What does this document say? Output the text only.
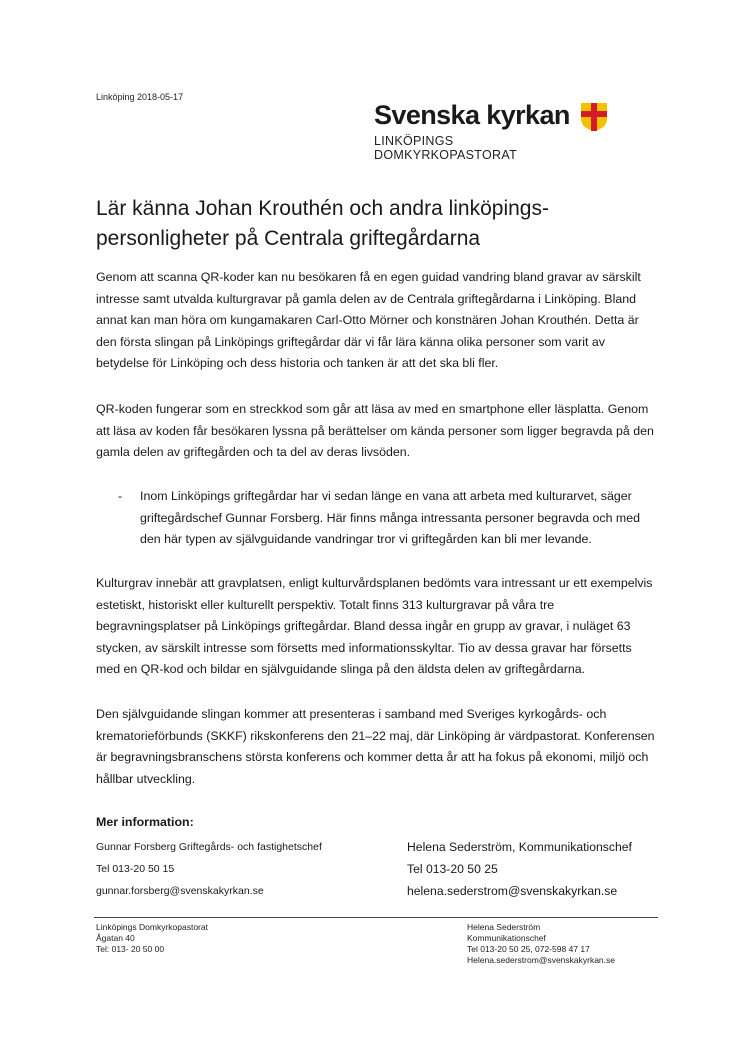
Linköping 2018-05-17
Svenska kyrkan
LINKÖPINGS
DOMKYRKOPASTORAT
Lär känna Johan Krouthén och andra linköpings-personligheter på Centrala griftegårdarna
Genom att scanna QR-koder kan nu besökaren få en egen guidad vandring bland gravar av särskilt intresse samt utvalda kulturgravar på gamla delen av de Centrala griftegårdarna i Linköping. Bland annat kan man höra om kungamakaren Carl-Otto Mörner och konstnären Johan Krouthén. Detta är den första slingan på Linköpings griftegårdar där vi får lära känna olika personer som varit av betydelse för Linköping och dess historia och tanken är att det ska bli fler.
QR-koden fungerar som en streckkod som går att läsa av med en smartphone eller läsplatta. Genom att läsa av koden får besökaren lyssna på berättelser om kända personer som ligger begravda på den gamla delen av griftegården och ta del av deras livsöden.
- Inom Linköpings griftegårdar har vi sedan länge en vana att arbeta med kulturarvet, säger griftegårdschef Gunnar Forsberg. Här finns många intressanta personer begravda och med den här typen av självguidande vandringar tror vi griftegården kan bli mer levande.
Kulturgrav innebär att gravplatsen, enligt kulturvårdsplanen bedömts vara intressant ur ett exempelvis estetiskt, historiskt eller kulturellt perspektiv. Totalt finns 313 kulturgravar på våra tre begravningsplatser på Linköpings griftegårdar. Bland dessa ingår en grupp av gravar, i nuläget 63 stycken, av särskilt intresse som försetts med informationsskyltar. Tio av dessa gravar har försetts med en QR-kod och bildar en självguidande slinga på den äldsta delen av griftegårdarna.
Den självguidande slingan kommer att presenteras i samband med Sveriges kyrkogårds- och krematorieförbunds (SKKF) rikskonferens den 21–22 maj, där Linköping är värdpastorat. Konferensen är begravningsbranschens största konferens och kommer detta år att ha fokus på ekonomi, miljö och hållbar utveckling.
Mer information:
Gunnar Forsberg Griftegårds- och fastighetschef
Tel 013-20 50 15
gunnar.forsberg@svenskakyrkan.se
Helena Sederström, Kommunikationschef
Tel 013-20 50 25
helena.sederstrom@svenskakyrkan.se
Linköpings Domkyrkopastorat
Ågatan 40
Tel: 013- 20 50 00
Helena Sederström
Kommunikationschef
Tel 013-20 50 25, 072-598 47 17
Helena.sederstrom@svenskakyrkan.se
